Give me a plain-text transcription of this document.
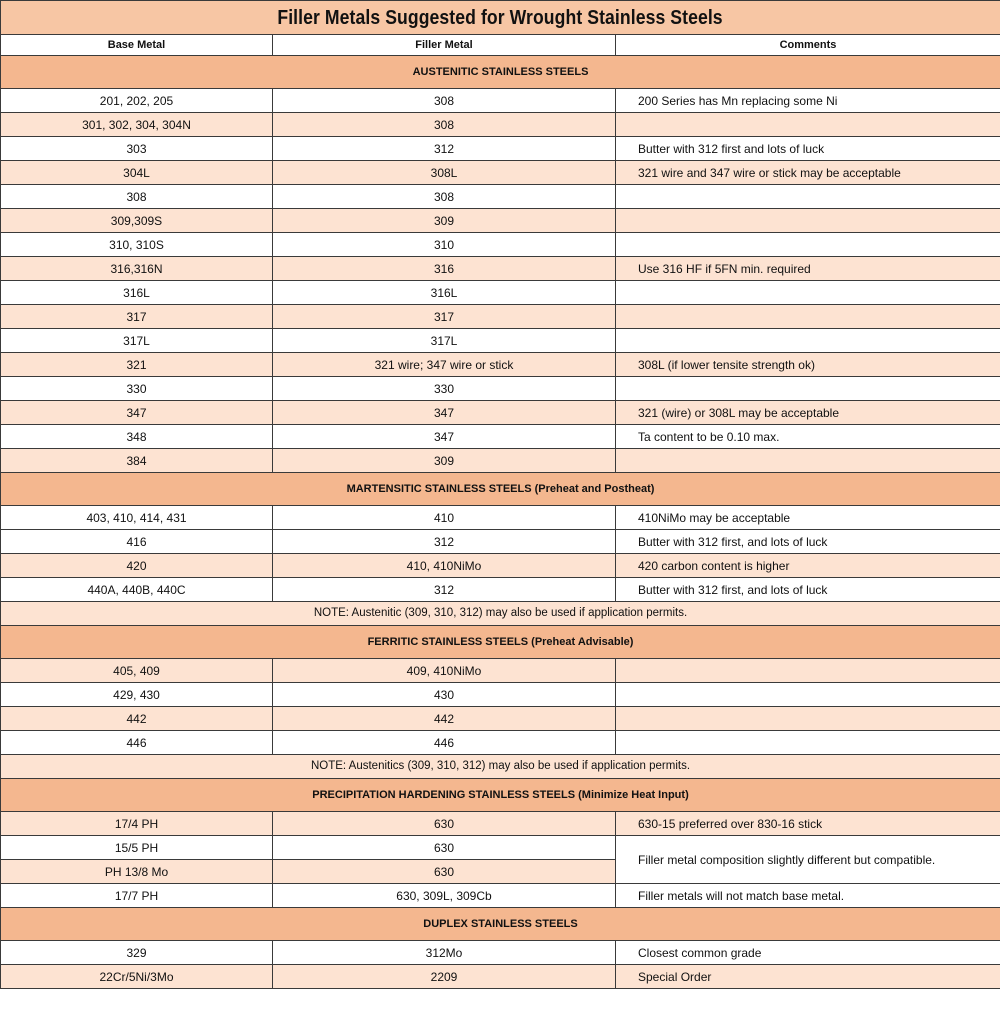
Filler Metals Suggested for Wrought Stainless Steels		
Base Metal	Filler Metal	Comments
AUSTENITIC STAINLESS STEELS		
201, 202, 205	308	200 Series has Mn replacing some Ni
301, 302, 304, 304N	308	
303	312	Butter with 312 first and lots of luck
304L	308L	321 wire and 347 wire or stick may be acceptable
308	308	
309,309S	309	
310, 310S	310	
316,316N	316	Use 316 HF if 5FN min. required
316L	316L	
317	317	
317L	317L	
321	321 wire; 347 wire or stick	308L (if lower tensite strength ok)
330	330	
347	347	321 (wire) or 308L may be acceptable
348	347	Ta content to be 0.10 max.
384	309	
MARTENSITIC STAINLESS STEELS (Preheat and Postheat)		
403, 410, 414, 431	410	410NiMo may be acceptable
416	312	Butter with 312 first, and lots of luck
420	410, 410NiMo	420 carbon content is higher
440A, 440B, 440C	312	Butter with 312 first, and lots of luck
NOTE: Austenitic (309, 310, 312) may also be used if application permits.		
FERRITIC STAINLESS STEELS (Preheat Advisable)		
405, 409	409, 410NiMo	
429, 430	430	
442	442	
446	446	
NOTE: Austenitics (309, 310, 312) may also be used if application permits.		
PRECIPITATION HARDENING STAINLESS STEELS (Minimize Heat Input)		
17/4 PH	630	630-15 preferred over 830-16 stick
15/5 PH	630	Filler metal composition slightly different but compatible.
PH 13/8 Mo	630	
17/7 PH	630, 309L, 309Cb	Filler metals will not match base metal.
DUPLEX STAINLESS STEELS		
329	312Mo	Closest common grade
22Cr/5Ni/3Mo	2209	Special Order
